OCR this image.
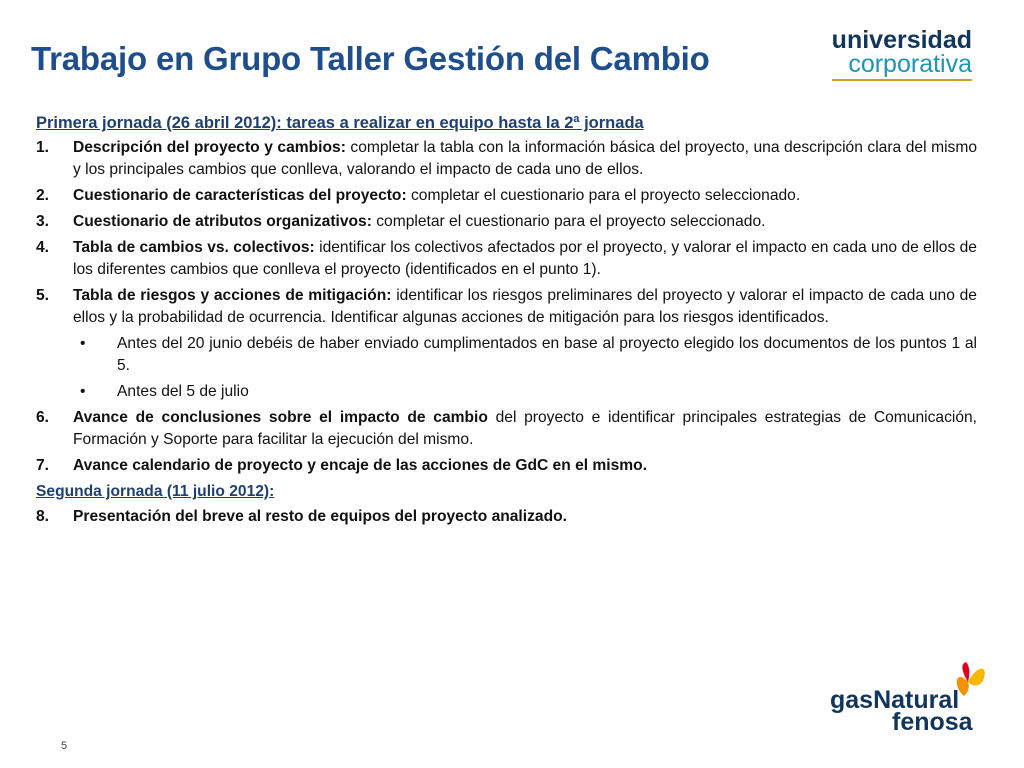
Trabajo en Grupo Taller Gestión del Cambio	universidad
corporativa
Primera jornada (26 abril 2012): tareas a realizar en equipo hasta la 2ª jornada
1.	Descripción del proyecto y cambios: completar la tabla con la información básica del proyecto, una descripción clara del mismo y los principales cambios que conlleva, valorando el impacto de cada uno de ellos.
2.	Cuestionario de características del proyecto: completar el cuestionario para el proyecto seleccionado.
3.	Cuestionario de atributos organizativos: completar el cuestionario para el proyecto seleccionado.
4.	Tabla de cambios vs. colectivos: identificar los colectivos afectados por el proyecto, y valorar el impacto en cada uno de ellos de los diferentes cambios que conlleva el proyecto (identificados en el punto 1).
5.	Tabla de riesgos y acciones de mitigación: identificar los riesgos preliminares del proyecto y valorar el impacto de cada uno de ellos y la probabilidad de ocurrencia. Identificar algunas acciones de mitigación para los riesgos identificados.
•	Antes del 20 junio debéis de haber enviado cumplimentados en base al proyecto elegido los documentos de los puntos 1 al 5.
•	Antes del 5 de julio
6.	Avance de conclusiones sobre el impacto de cambio del proyecto e identificar principales estrategias de Comunicación, Formación y Soporte para facilitar la ejecución del mismo.
7.	Avance calendario de proyecto y encaje de las acciones de GdC en el mismo.
Segunda jornada (11 julio 2012):
8.	Presentación del breve al resto de equipos del proyecto analizado.
5
gasNatural
fenosa
